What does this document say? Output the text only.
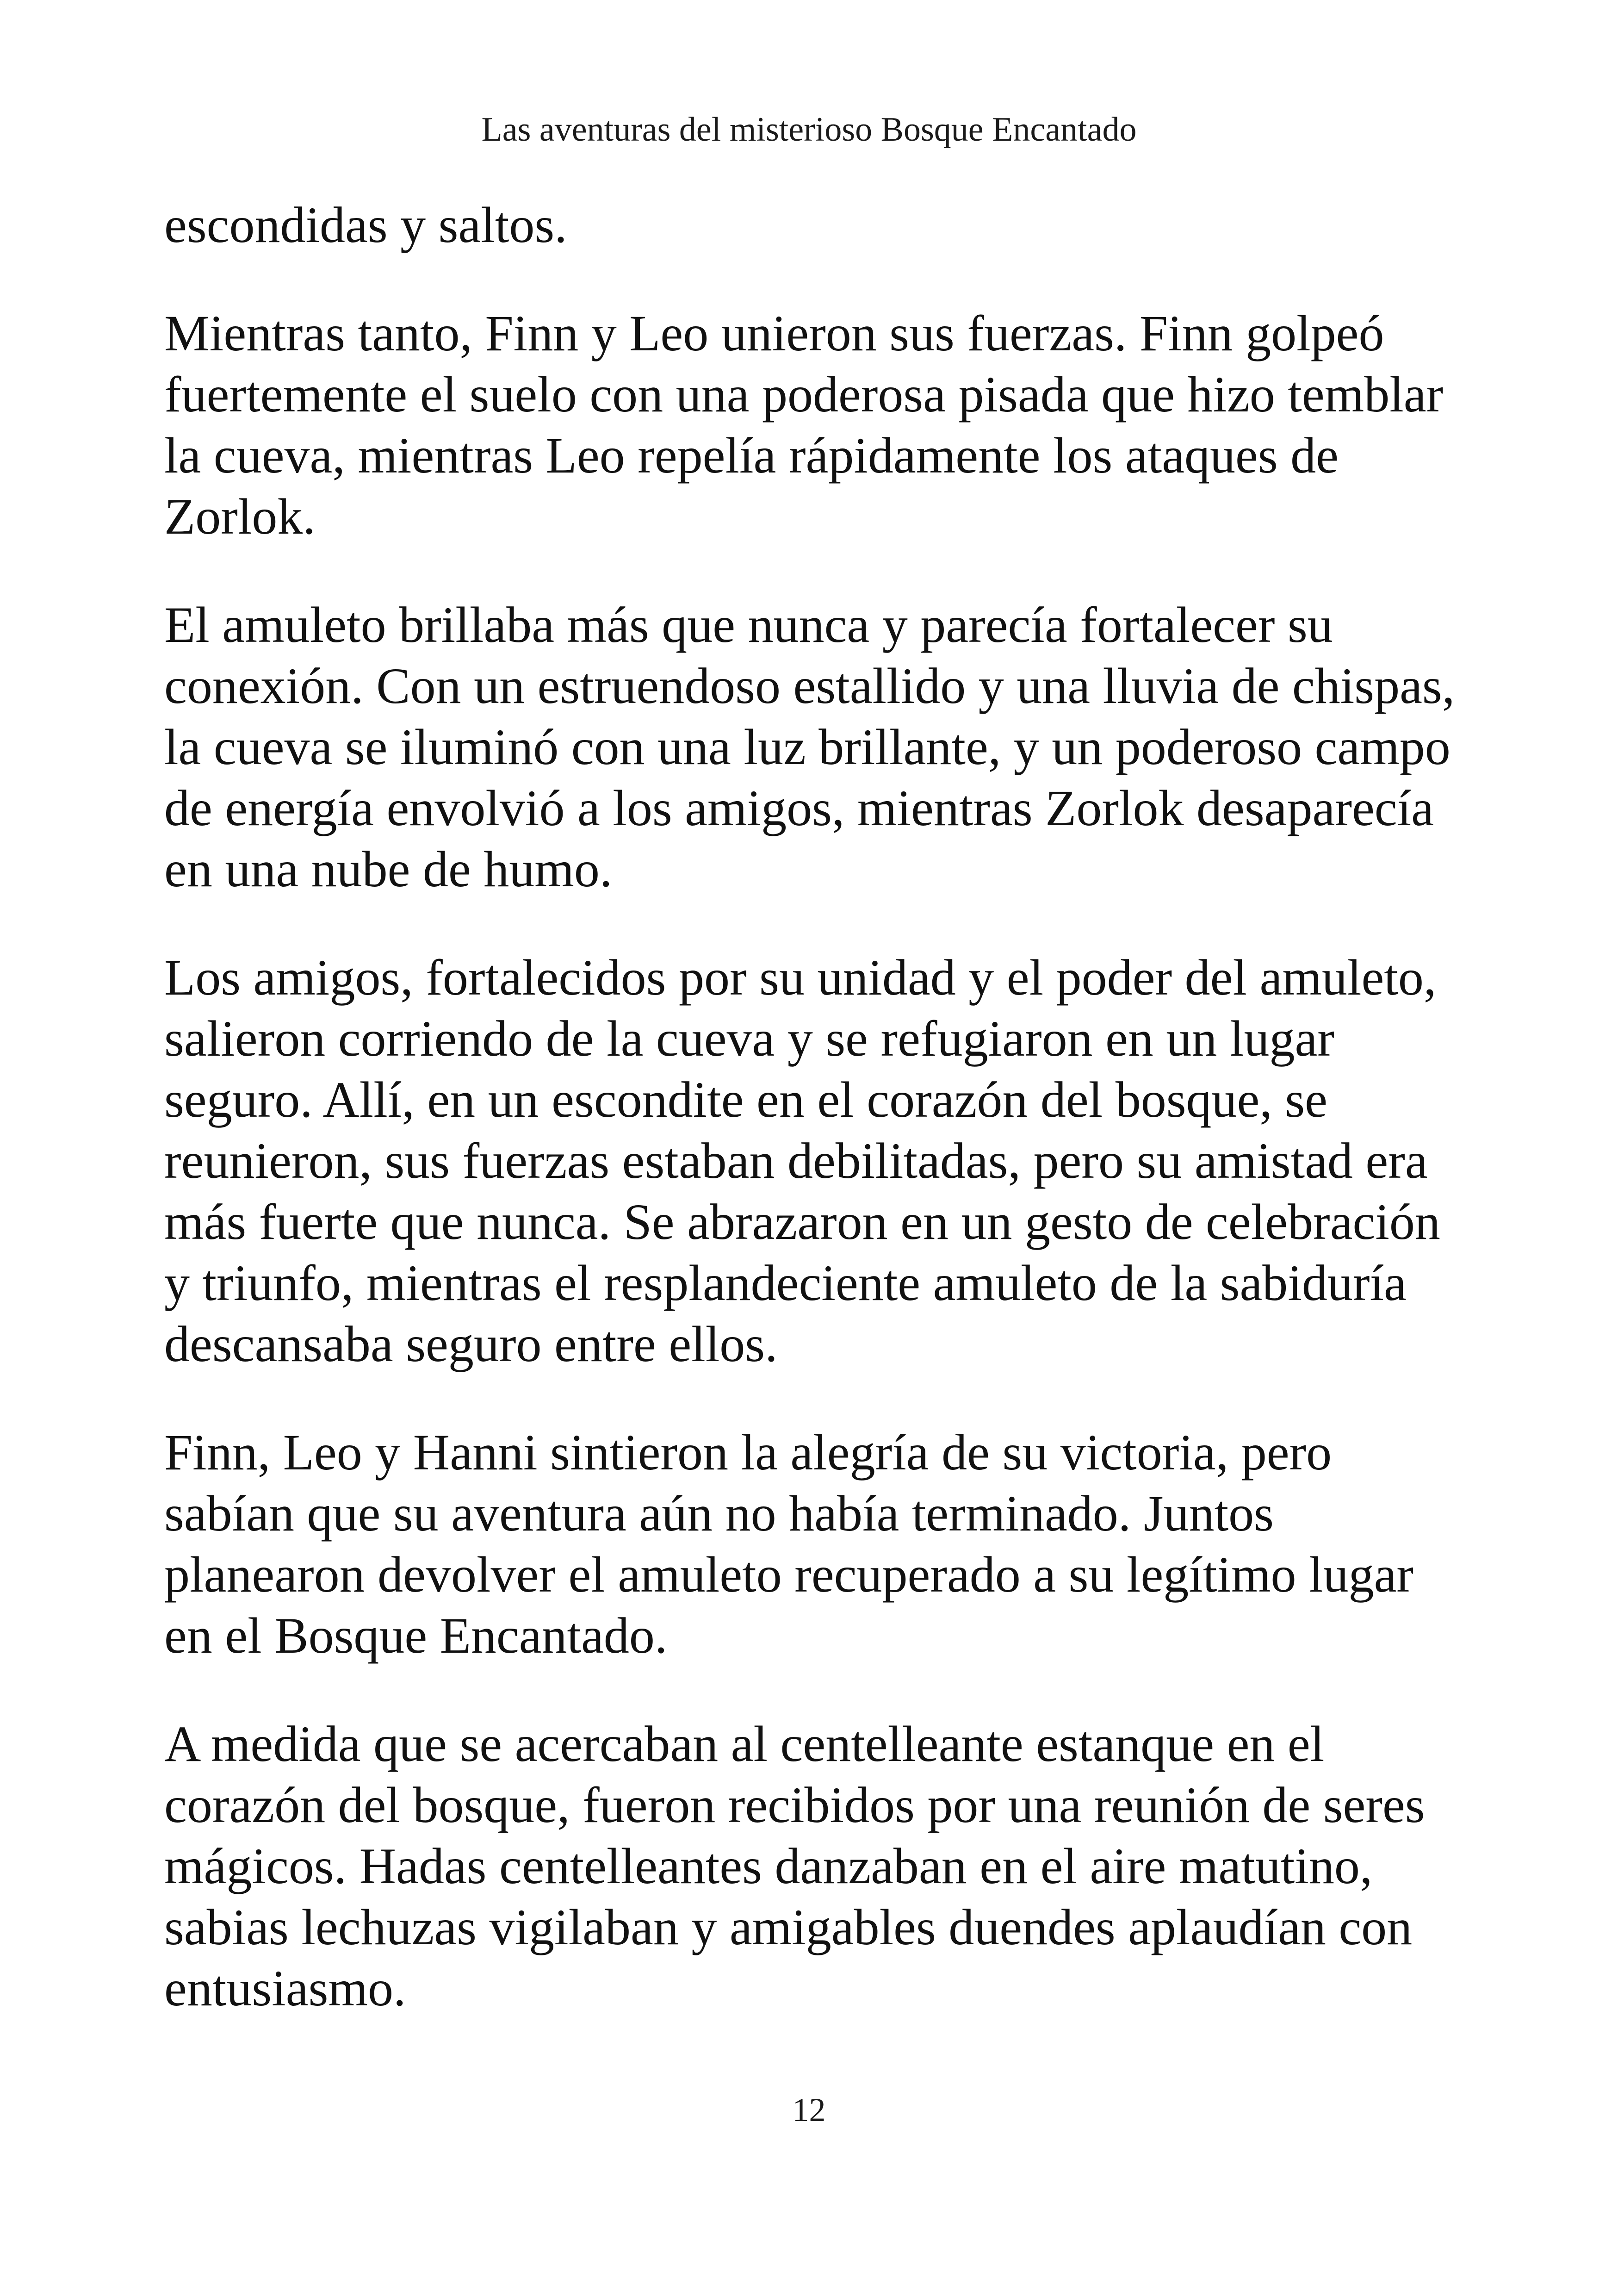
Las aventuras del misterioso Bosque Encantado

escondidas y saltos.

Mientras tanto, Finn y Leo unieron sus fuerzas. Finn golpeó fuertemente el suelo con una poderosa pisada que hizo temblar la cueva, mientras Leo repelía rápidamente los ataques de Zorlok.

El amuleto brillaba más que nunca y parecía fortalecer su conexión. Con un estruendoso estallido y una lluvia de chispas, la cueva se iluminó con una luz brillante, y un poderoso campo de energía envolvió a los amigos, mientras Zorlok desaparecía en una nube de humo.

Los amigos, fortalecidos por su unidad y el poder del amuleto, salieron corriendo de la cueva y se refugiaron en un lugar seguro. Allí, en un escondite en el corazón del bosque, se reunieron, sus fuerzas estaban debilitadas, pero su amistad era más fuerte que nunca. Se abrazaron en un gesto de celebración y triunfo, mientras el resplandeciente amuleto de la sabiduría descansaba seguro entre ellos.

Finn, Leo y Hanni sintieron la alegría de su victoria, pero sabían que su aventura aún no había terminado. Juntos planearon devolver el amuleto recuperado a su legítimo lugar en el Bosque Encantado.

A medida que se acercaban al centelleante estanque en el corazón del bosque, fueron recibidos por una reunión de seres mágicos. Hadas centelleantes danzaban en el aire matutino, sabias lechuzas vigilaban y amigables duendes aplaudían con entusiasmo.

12
